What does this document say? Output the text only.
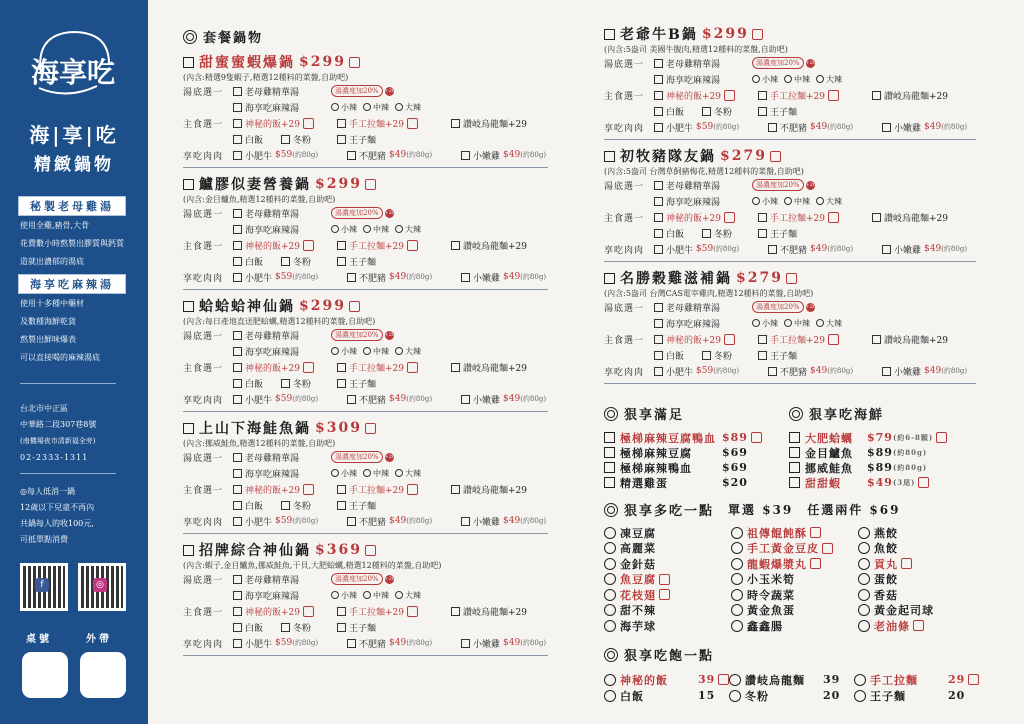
海享吃
海|享|吃
精緻鍋物
秘製老母雞湯
使用全雞,豬骨,大骨
花費數小時熬製出膠質與鈣質
造就出濃郁的湯底
海享吃麻辣湯
使用十多種中藥材
及數種海鮮乾貨
熬製出鮮味爆表
可以直接喝的麻辣湯底
台北市中正區
中華路二段307巷8號
(南機場夜市清新福全旁)
02-2333-1311
◎每人低消一鍋
12歲以下兒童不再內
共鍋每人的收100元,
可抵單點消費
f	◎
桌號	外帶
套餐鍋物
甜蜜蜜蝦爆鍋 $299
(內含:精選9隻蝦子,精選12種料的菜盤,自助吧)
湯底選一	老母雞精華湯	湯濃度加20%	+20
海享吃麻辣湯	小辣 中辣 大辣
主食選一	神秘的飯+29	手工拉麵+29	讚岐烏龍麵+29
白飯	冬粉	王子麵
享吃肉肉	小肥牛 $59 (約80g)	不肥豬 $49 (約80g)	小嫩雞 $49 (約80g)
鱸膠似妻營養鍋 $299
(內含:金目鱸魚,精選12種料的菜盤,自助吧)
湯底選一	老母雞精華湯	湯濃度加20%	+20
海享吃麻辣湯	小辣 中辣 大辣
主食選一	神秘的飯+29	手工拉麵+29	讚岐烏龍麵+29
白飯	冬粉	王子麵
享吃肉肉	小肥牛 $59 (約80g)	不肥豬 $49 (約80g)	小嫩雞 $49 (約80g)
蛤蛤蛤神仙鍋 $299
(內含:每日產地直送肥蛤蠣,精選12種料的菜盤,自助吧)
湯底選一	老母雞精華湯	湯濃度加20%	+20
海享吃麻辣湯	小辣 中辣 大辣
主食選一	神秘的飯+29	手工拉麵+29	讚岐烏龍麵+29
白飯	冬粉	王子麵
享吃肉肉	小肥牛 $59 (約80g)	不肥豬 $49 (約80g)	小嫩雞 $49 (約80g)
上山下海鮭魚鍋 $309
(內含:挪威鮭魚,精選12種料的菜盤,自助吧)
湯底選一	老母雞精華湯	湯濃度加20%	+20
海享吃麻辣湯	小辣 中辣 大辣
主食選一	神秘的飯+29	手工拉麵+29	讚岐烏龍麵+29
白飯	冬粉	王子麵
享吃肉肉	小肥牛 $59 (約80g)	不肥豬 $49 (約80g)	小嫩雞 $49 (約80g)
招牌綜合神仙鍋 $369
(內含:蝦子,金目鱸魚,挪威鮭魚,干貝,大肥蛤蠣,精選12種料的菜盤,自助吧)
湯底選一	老母雞精華湯	湯濃度加20%	+20
海享吃麻辣湯	小辣 中辣 大辣
主食選一	神秘的飯+29	手工拉麵+29	讚岐烏龍麵+29
白飯	冬粉	王子麵
享吃肉肉	小肥牛 $59 (約80g)	不肥豬 $49 (約80g)	小嫩雞 $49 (約80g)
老爺牛B鍋 $299
(內含:5盎司 美國牛腹肉,精選12種料的菜盤,自助吧)
湯底選一	老母雞精華湯	湯濃度加20%	+20
海享吃麻辣湯	小辣 中辣 大辣
主食選一	神秘的飯+29	手工拉麵+29	讚岐烏龍麵+29
白飯	冬粉	王子麵
享吃肉肉	小肥牛 $59 (約80g)	不肥豬 $49 (約80g)	小嫩雞 $49 (約80g)
初牧豬隊友鍋 $279
(內含:5盎司 台灣草飼豬梅花,精選12種料的菜盤,自助吧)
湯底選一	老母雞精華湯	湯濃度加20%	+20
海享吃麻辣湯	小辣 中辣 大辣
主食選一	神秘的飯+29	手工拉麵+29	讚岐烏龍麵+29
白飯	冬粉	王子麵
享吃肉肉	小肥牛 $59 (約80g)	不肥豬 $49 (約80g)	小嫩雞 $49 (約80g)
名勝穀雞滋補鍋 $279
(內含:5盎司 台灣CAS電宰雞肉,精選12種料的菜盤,自助吧)
湯底選一	老母雞精華湯	湯濃度加20%	+20
海享吃麻辣湯	小辣 中辣 大辣
主食選一	神秘的飯+29	手工拉麵+29	讚岐烏龍麵+29
白飯	冬粉	王子麵
享吃肉肉	小肥牛 $59 (約80g)	不肥豬 $49 (約80g)	小嫩雞 $49 (約80g)
狠享滿足
極梯麻辣豆腐鴨血 $89
極梯麻辣豆腐	$69
極梯麻辣鴨血	$69
精選雞蛋	$20
狠享吃海鮮
大肥蛤蠣	$79 (約6-8顆)
金目鱸魚	$89 (約80g)
挪威鮭魚	$89 (約80g)
甜甜蝦	$49 (3尾)
狠享多吃一點 單選 $39 任選兩件 $69
凍豆腐
高麗菜
金針菇
魚豆腐
花枝翅
甜不辣
海芋球
祖傳餛飩酥
手工黃金豆皮
龍蝦爆漿丸
小玉米筍
時令蔬菜
黃金魚蛋
鑫鑫腸
燕餃
魚餃
貢丸
蛋餃
香菇
黃金起司球
老油條
狠享吃飽一點
神秘的飯	39	讚岐烏龍麵	39	手工拉麵	29
白飯	15	冬粉	20	王子麵	20
